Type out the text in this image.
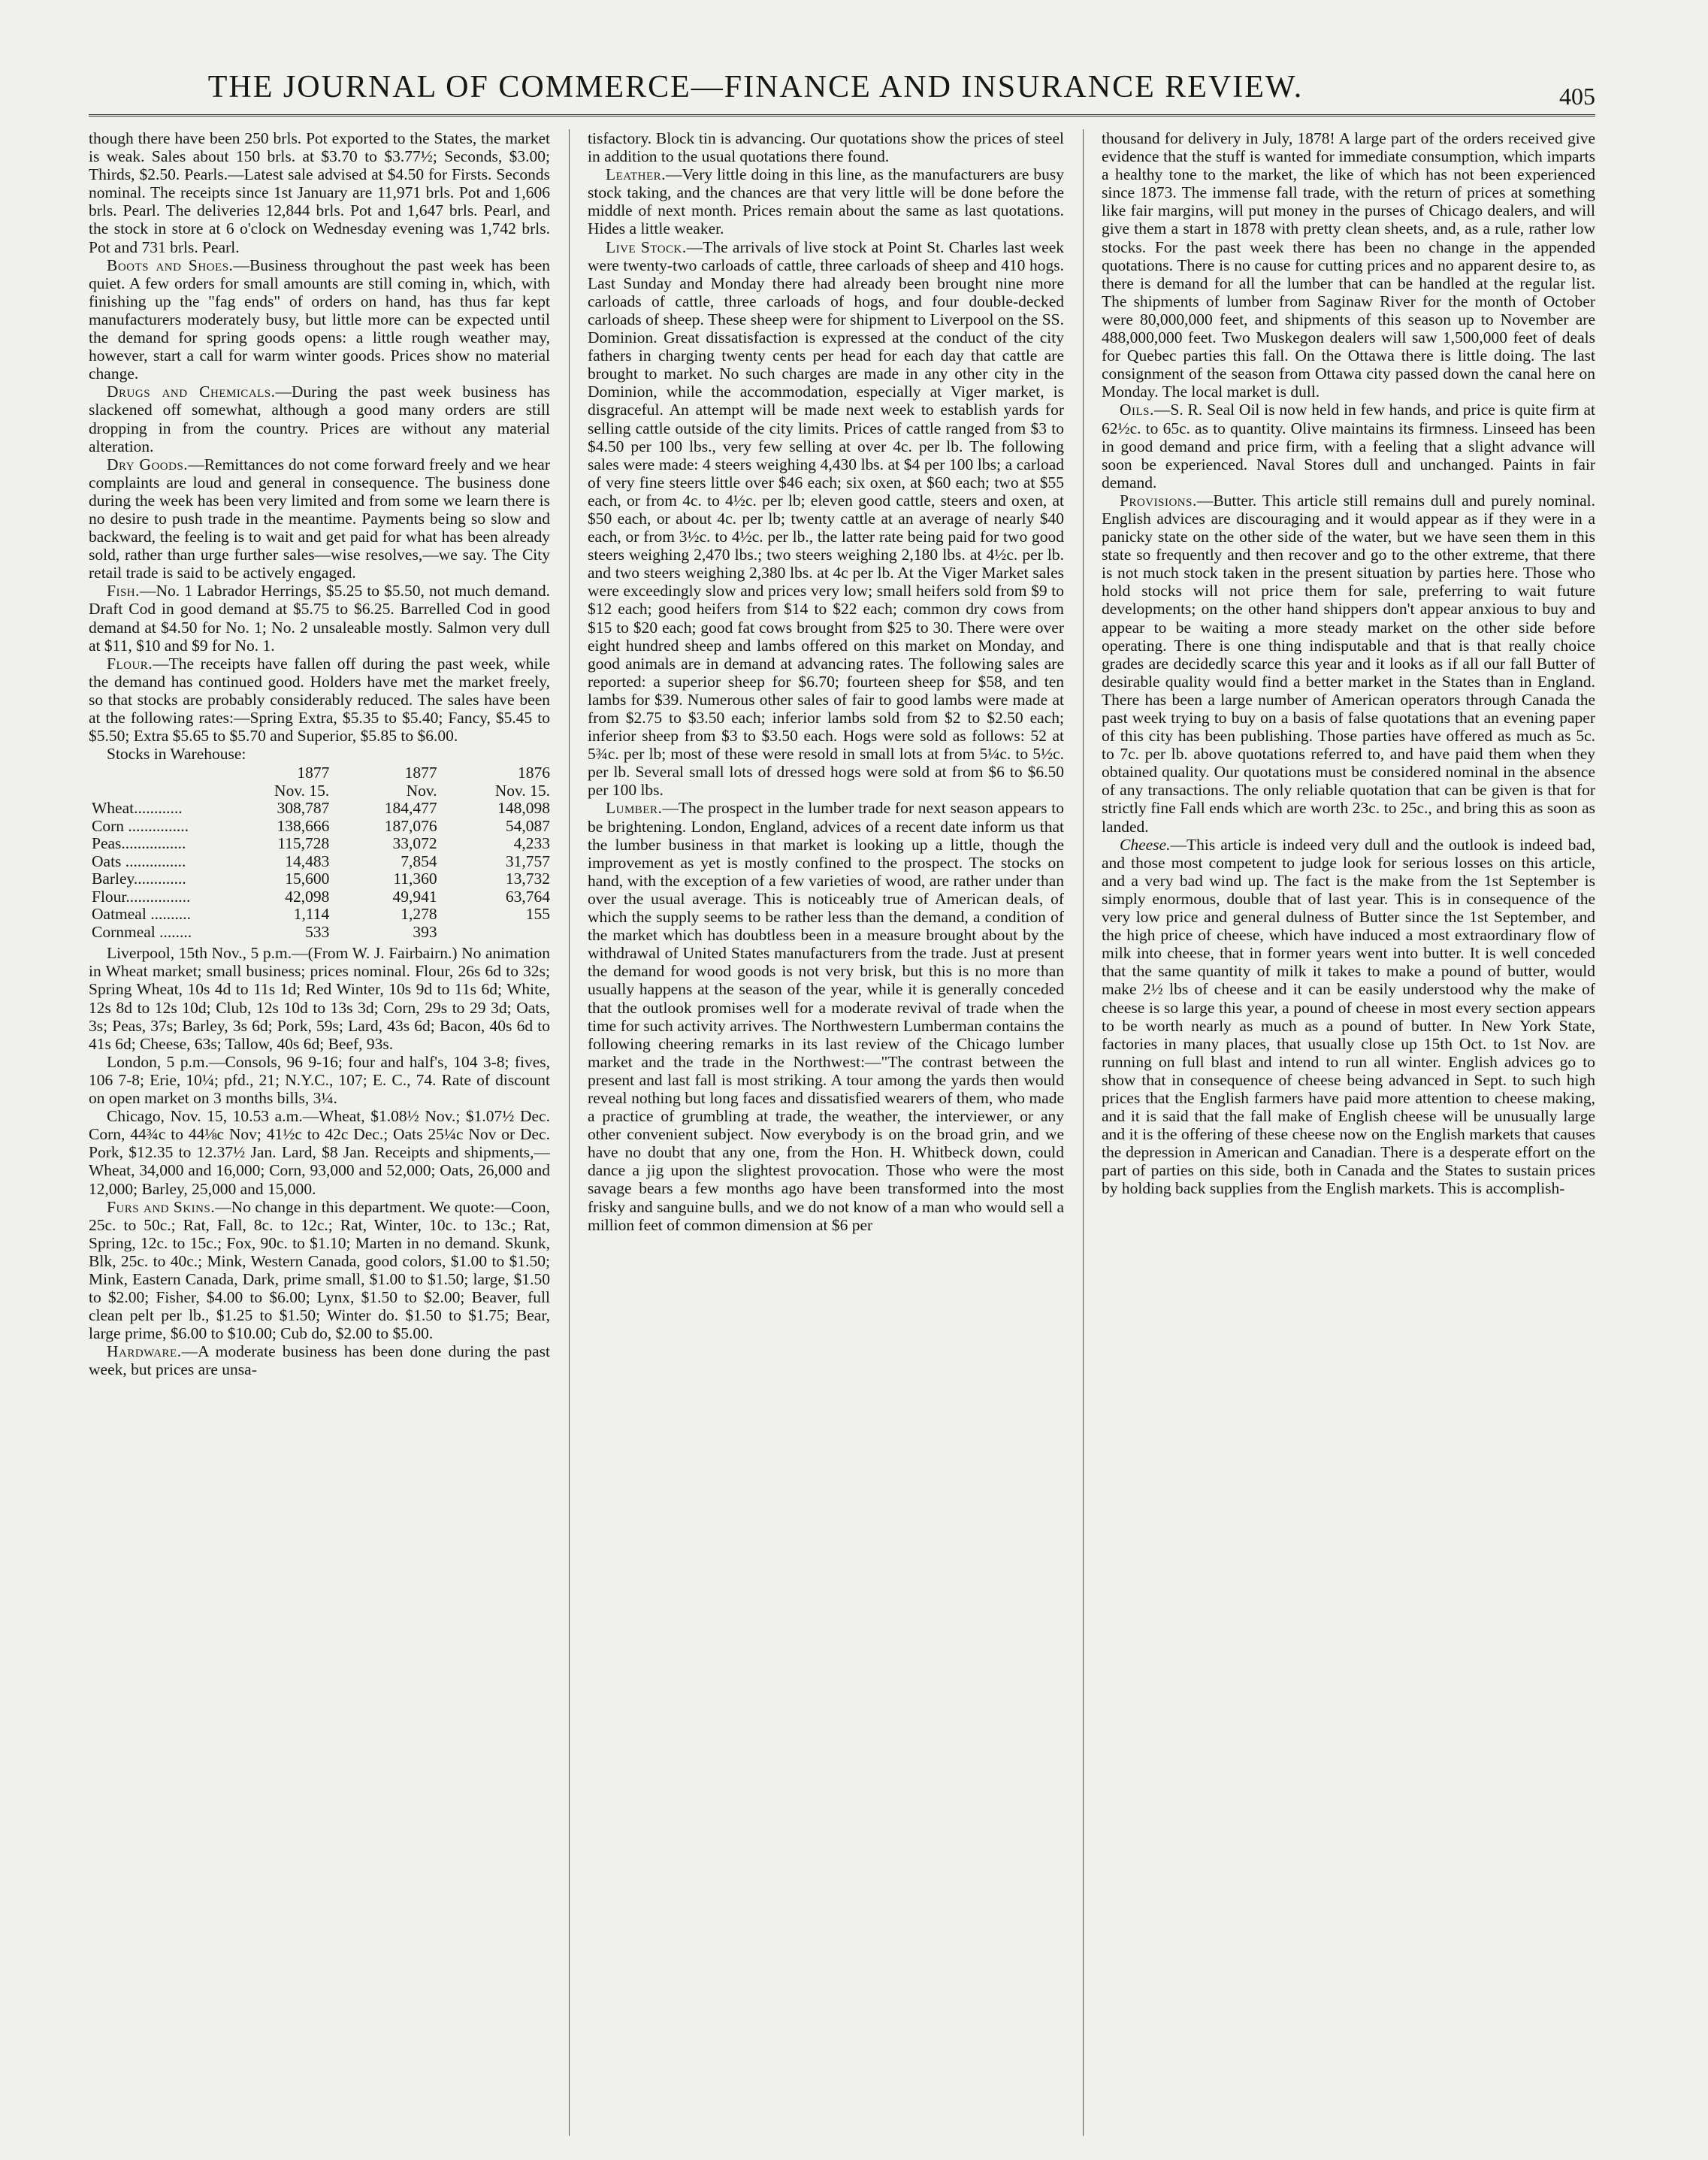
THE JOURNAL OF COMMERCE—FINANCE AND INSURANCE REVIEW.	405

though there have been 250 brls. Pot exported to the States, the market is weak. Sales about 150 brls. at $3.70 to $3.77½; Seconds, $3.00; Thirds, $2.50. Pearls.—Latest sale advised at $4.50 for Firsts. Seconds nominal. The receipts since 1st January are 11,971 brls. Pot and 1,606 brls. Pearl. The deliveries 12,844 brls. Pot and 1,647 brls. Pearl, and the stock in store at 6 o'clock on Wednesday evening was 1,742 brls. Pot and 731 brls. Pearl.

Boots and Shoes.—Business throughout the past week has been quiet. A few orders for small amounts are still coming in, which, with finishing up the "fag ends" of orders on hand, has thus far kept manufacturers moderately busy, but little more can be expected until the demand for spring goods opens: a little rough weather may, however, start a call for warm winter goods. Prices show no material change.

Drugs and Chemicals.—During the past week business has slackened off somewhat, although a good many orders are still dropping in from the country. Prices are without any material alteration.

Dry Goods.—Remittances do not come forward freely and we hear complaints are loud and general in consequence. The business done during the week has been very limited and from some we learn there is no desire to push trade in the meantime. Payments being so slow and backward, the feeling is to wait and get paid for what has been already sold, rather than urge further sales—wise resolves,—we say. The City retail trade is said to be actively engaged.

Fish.—No. 1 Labrador Herrings, $5.25 to $5.50, not much demand. Draft Cod in good demand at $5.75 to $6.25. Barrelled Cod in good demand at $4.50 for No. 1; No. 2 unsaleable mostly. Salmon very dull at $11, $10 and $9 for No. 1.

Flour.—The receipts have fallen off during the past week, while the demand has continued good. Holders have met the market freely, so that stocks are probably considerably reduced. The sales have been at the following rates:—Spring Extra, $5.35 to $5.40; Fancy, $5.45 to $5.50; Extra $5.65 to $5.70 and Superior, $5.85 to $6.00.

Stocks in Warehouse:

	1877	1877	1876
	Nov. 15.	Nov.	Nov. 15.
Wheat............	308,787	184,477	148,098
Corn ...............	138,666	187,076	54,087
Peas................	115,728	33,072	4,233
Oats ...............	14,483	7,854	31,757
Barley.............	15,600	11,360	13,732
Flour................	42,098	49,941	63,764
Oatmeal ..........	1,114	1,278	155
Cornmeal ........	533	393	

Liverpool, 15th Nov., 5 p.m.—(From W. J. Fairbairn.) No animation in Wheat market; small business; prices nominal. Flour, 26s 6d to 32s; Spring Wheat, 10s 4d to 11s 1d; Red Winter, 10s 9d to 11s 6d; White, 12s 8d to 12s 10d; Club, 12s 10d to 13s 3d; Corn, 29s to 29 3d; Oats, 3s; Peas, 37s; Barley, 3s 6d; Pork, 59s; Lard, 43s 6d; Bacon, 40s 6d to 41s 6d; Cheese, 63s; Tallow, 40s 6d; Beef, 93s.

London, 5 p.m.—Consols, 96 9-16; four and half's, 104 3-8; fives, 106 7-8; Erie, 10¼; pfd., 21; N.Y.C., 107; E. C., 74. Rate of discount on open market on 3 months bills, 3¼.

Chicago, Nov. 15, 10.53 a.m.—Wheat, $1.08½ Nov.; $1.07½ Dec. Corn, 44¾c to 44⅛c Nov; 41½c to 42c Dec.; Oats 25¼c Nov or Dec. Pork, $12.35 to 12.37½ Jan. Lard, $8 Jan. Receipts and shipments,—Wheat, 34,000 and 16,000; Corn, 93,000 and 52,000; Oats, 26,000 and 12,000; Barley, 25,000 and 15,000.

Furs and Skins.—No change in this department. We quote:—Coon, 25c. to 50c.; Rat, Fall, 8c. to 12c.; Rat, Winter, 10c. to 13c.; Rat, Spring, 12c. to 15c.; Fox, 90c. to $1.10; Marten in no demand. Skunk, Blk, 25c. to 40c.; Mink, Western Canada, good colors, $1.00 to $1.50; Mink, Eastern Canada, Dark, prime small, $1.00 to $1.50; large, $1.50 to $2.00; Fisher, $4.00 to $6.00; Lynx, $1.50 to $2.00; Beaver, full clean pelt per lb., $1.25 to $1.50; Winter do. $1.50 to $1.75; Bear, large prime, $6.00 to $10.00; Cub do, $2.00 to $5.00.

Hardware.—A moderate business has been done during the past week, but prices are unsa-

tisfactory. Block tin is advancing. Our quotations show the prices of steel in addition to the usual quotations there found.

Leather.—Very little doing in this line, as the manufacturers are busy stock taking, and the chances are that very little will be done before the middle of next month. Prices remain about the same as last quotations. Hides a little weaker.

Live Stock.—The arrivals of live stock at Point St. Charles last week were twenty-two carloads of cattle, three carloads of sheep and 410 hogs. Last Sunday and Monday there had already been brought nine more carloads of cattle, three carloads of hogs, and four double-decked carloads of sheep. These sheep were for shipment to Liverpool on the SS. Dominion. Great dissatisfaction is expressed at the conduct of the city fathers in charging twenty cents per head for each day that cattle are brought to market. No such charges are made in any other city in the Dominion, while the accommodation, especially at Viger market, is disgraceful. An attempt will be made next week to establish yards for selling cattle outside of the city limits. Prices of cattle ranged from $3 to $4.50 per 100 lbs., very few selling at over 4c. per lb. The following sales were made: 4 steers weighing 4,430 lbs. at $4 per 100 lbs; a carload of very fine steers little over $46 each; six oxen, at $60 each; two at $55 each, or from 4c. to 4½c. per lb; eleven good cattle, steers and oxen, at $50 each, or about 4c. per lb; twenty cattle at an average of nearly $40 each, or from 3½c. to 4½c. per lb., the latter rate being paid for two good steers weighing 2,470 lbs.; two steers weighing 2,180 lbs. at 4½c. per lb. and two steers weighing 2,380 lbs. at 4c per lb. At the Viger Market sales were exceedingly slow and prices very low; small heifers sold from $9 to $12 each; good heifers from $14 to $22 each; common dry cows from $15 to $20 each; good fat cows brought from $25 to 30. There were over eight hundred sheep and lambs offered on this market on Monday, and good animals are in demand at advancing rates. The following sales are reported: a superior sheep for $6.70; fourteen sheep for $58, and ten lambs for $39. Numerous other sales of fair to good lambs were made at from $2.75 to $3.50 each; inferior lambs sold from $2 to $2.50 each; inferior sheep from $3 to $3.50 each. Hogs were sold as follows: 52 at 5¾c. per lb; most of these were resold in small lots at from 5¼c. to 5½c. per lb. Several small lots of dressed hogs were sold at from $6 to $6.50 per 100 lbs.

Lumber.—The prospect in the lumber trade for next season appears to be brightening. London, England, advices of a recent date inform us that the lumber business in that market is looking up a little, though the improvement as yet is mostly confined to the prospect. The stocks on hand, with the exception of a few varieties of wood, are rather under than over the usual average. This is noticeably true of American deals, of which the supply seems to be rather less than the demand, a condition of the market which has doubtless been in a measure brought about by the withdrawal of United States manufacturers from the trade. Just at present the demand for wood goods is not very brisk, but this is no more than usually happens at the season of the year, while it is generally conceded that the outlook promises well for a moderate revival of trade when the time for such activity arrives. The Northwestern Lumberman contains the following cheering remarks in its last review of the Chicago lumber market and the trade in the Northwest:—"The contrast between the present and last fall is most striking. A tour among the yards then would reveal nothing but long faces and dissatisfied wearers of them, who made a practice of grumbling at trade, the weather, the interviewer, or any other convenient subject. Now everybody is on the broad grin, and we have no doubt that any one, from the Hon. H. Whitbeck down, could dance a jig upon the slightest provocation. Those who were the most savage bears a few months ago have been transformed into the most frisky and sanguine bulls, and we do not know of a man who would sell a million feet of common dimension at $6 per

thousand for delivery in July, 1878! A large part of the orders received give evidence that the stuff is wanted for immediate consumption, which imparts a healthy tone to the market, the like of which has not been experienced since 1873. The immense fall trade, with the return of prices at something like fair margins, will put money in the purses of Chicago dealers, and will give them a start in 1878 with pretty clean sheets, and, as a rule, rather low stocks. For the past week there has been no change in the appended quotations. There is no cause for cutting prices and no apparent desire to, as there is demand for all the lumber that can be handled at the regular list. The shipments of lumber from Saginaw River for the month of October were 80,000,000 feet, and shipments of this season up to November are 488,000,000 feet. Two Muskegon dealers will saw 1,500,000 feet of deals for Quebec parties this fall. On the Ottawa there is little doing. The last consignment of the season from Ottawa city passed down the canal here on Monday. The local market is dull.

Oils.—S. R. Seal Oil is now held in few hands, and price is quite firm at 62½c. to 65c. as to quantity. Olive maintains its firmness. Linseed has been in good demand and price firm, with a feeling that a slight advance will soon be experienced. Naval Stores dull and unchanged. Paints in fair demand.

Provisions.—Butter. This article still remains dull and purely nominal. English advices are discouraging and it would appear as if they were in a panicky state on the other side of the water, but we have seen them in this state so frequently and then recover and go to the other extreme, that there is not much stock taken in the present situation by parties here. Those who hold stocks will not price them for sale, preferring to wait future developments; on the other hand shippers don't appear anxious to buy and appear to be waiting a more steady market on the other side before operating. There is one thing indisputable and that is that really choice grades are decidedly scarce this year and it looks as if all our fall Butter of desirable quality would find a better market in the States than in England. There has been a large number of American operators through Canada the past week trying to buy on a basis of false quotations that an evening paper of this city has been publishing. Those parties have offered as much as 5c. to 7c. per lb. above quotations referred to, and have paid them when they obtained quality. Our quotations must be considered nominal in the absence of any transactions. The only reliable quotation that can be given is that for strictly fine Fall ends which are worth 23c. to 25c., and bring this as soon as landed.

Cheese.—This article is indeed very dull and the outlook is indeed bad, and those most competent to judge look for serious losses on this article, and a very bad wind up. The fact is the make from the 1st September is simply enormous, double that of last year. This is in consequence of the very low price and general dulness of Butter since the 1st September, and the high price of cheese, which have induced a most extraordinary flow of milk into cheese, that in former years went into butter. It is well conceded that the same quantity of milk it takes to make a pound of butter, would make 2½ lbs of cheese and it can be easily understood why the make of cheese is so large this year, a pound of cheese in most every section appears to be worth nearly as much as a pound of butter. In New York State, factories in many places, that usually close up 15th Oct. to 1st Nov. are running on full blast and intend to run all winter. English advices go to show that in consequence of cheese being advanced in Sept. to such high prices that the English farmers have paid more attention to cheese making, and it is said that the fall make of English cheese will be unusually large and it is the offering of these cheese now on the English markets that causes the depression in American and Canadian. There is a desperate effort on the part of parties on this side, both in Canada and the States to sustain prices by holding back supplies from the English markets. This is accomplish-
